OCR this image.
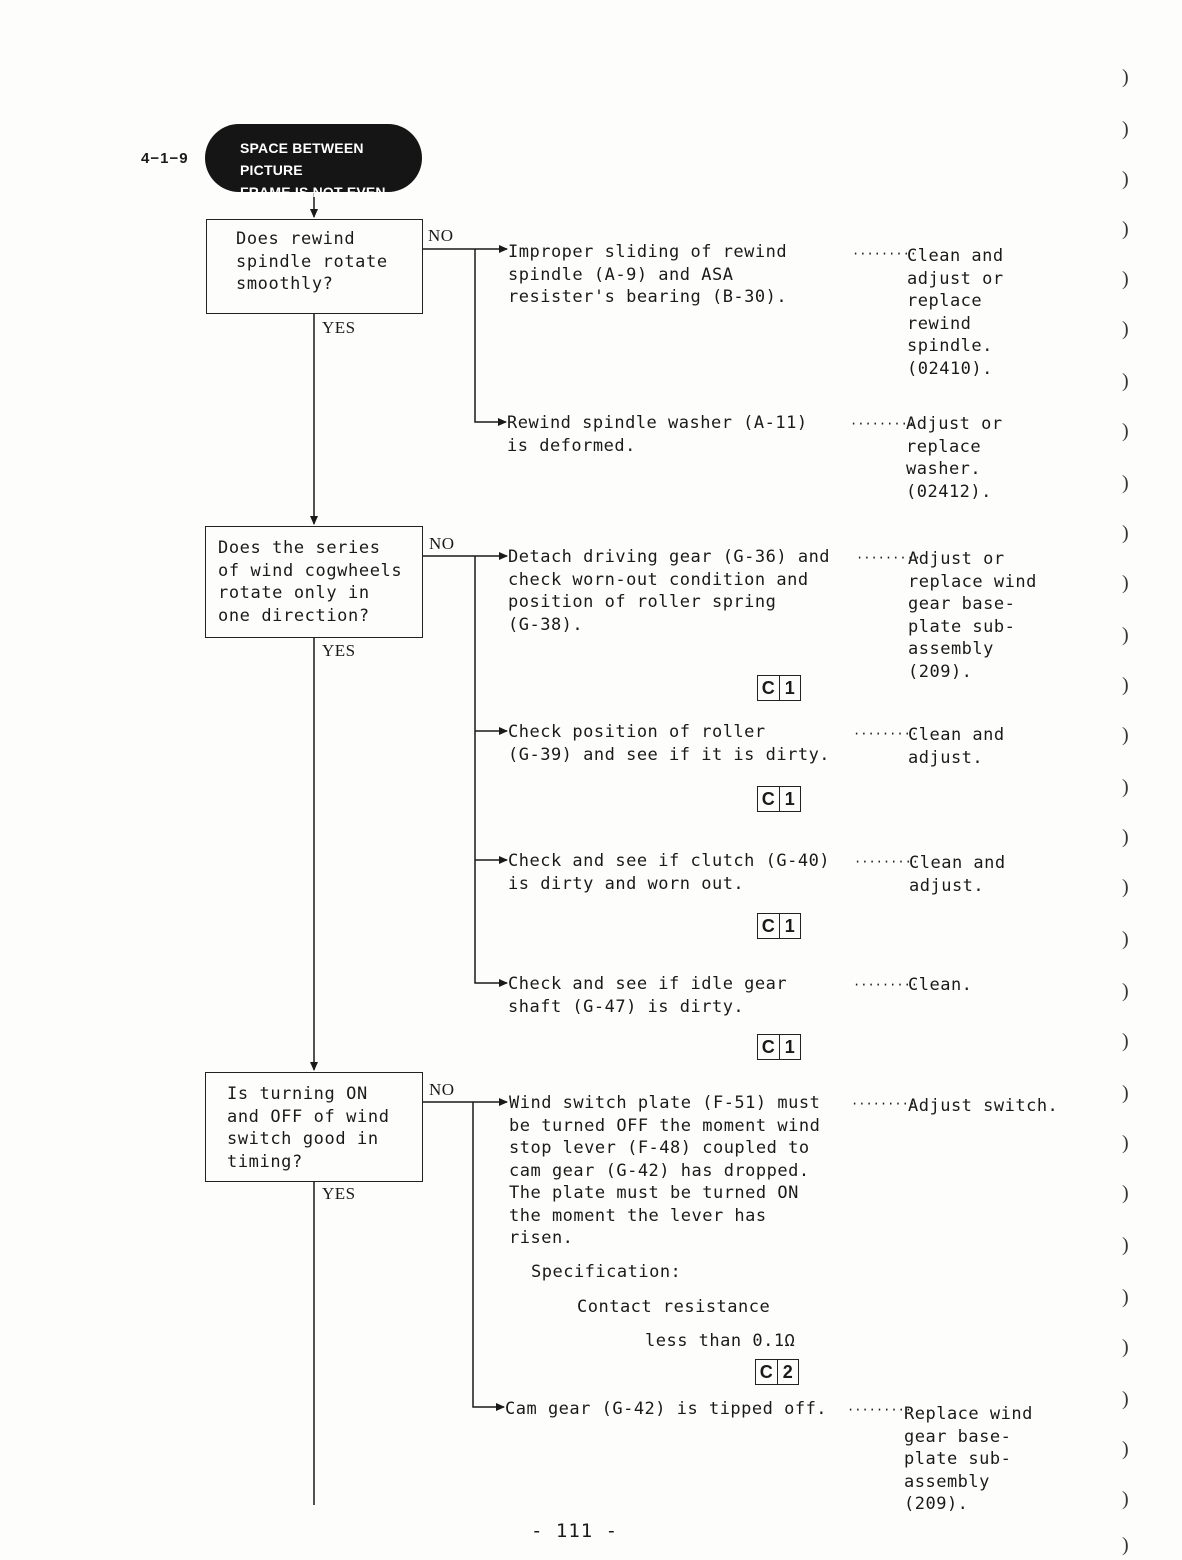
4−1−9
SPACE BETWEEN PICTURE
FRAME IS NOT EVEN
Does rewind
spindle rotate
smoothly?
NO
YES
Does the series
of wind cogwheels
rotate only in
one direction?
NO
YES
Is turning ON
and OFF of wind
switch good in
timing?
NO
YES
Improper sliding of rewind
spindle (A-9) and ASA
resister's bearing (B-30).
·········
Clean and
adjust or
replace
rewind
spindle.
(02410).
Rewind spindle washer (A-11)
is deformed.
·········
Adjust or
replace
washer.
(02412).
Detach driving gear (G-36) and
check worn-out condition and
position of roller spring
(G-38).
·········
Adjust or
replace wind
gear base-
plate sub-
assembly
(209).
C 1
Check position of roller
(G-39) and see if it is dirty.
·········
Clean and
adjust.
C 1
Check and see if clutch (G-40)
is dirty and worn out.
·········
Clean and
adjust.
C 1
Check and see if idle gear
shaft (G-47) is dirty.
·········
Clean.
C 1
Wind switch plate (F-51) must
be turned OFF the moment wind
stop lever (F-48) coupled to
cam gear (G-42) has dropped.
The plate must be turned ON
the moment the lever has
risen.
·········
Adjust switch.
Specification:
Contact resistance
less than 0.1Ω
C 2
Cam gear (G-42) is tipped off. ·········
Replace wind
gear base-
plate sub-
assembly
(209).
- 111 -
)
)
)
)
)
)
)
)
)
)
)
)
)
)
)
)
)
)
)
)
)
)
)
)
)
)
)
)
)
)
